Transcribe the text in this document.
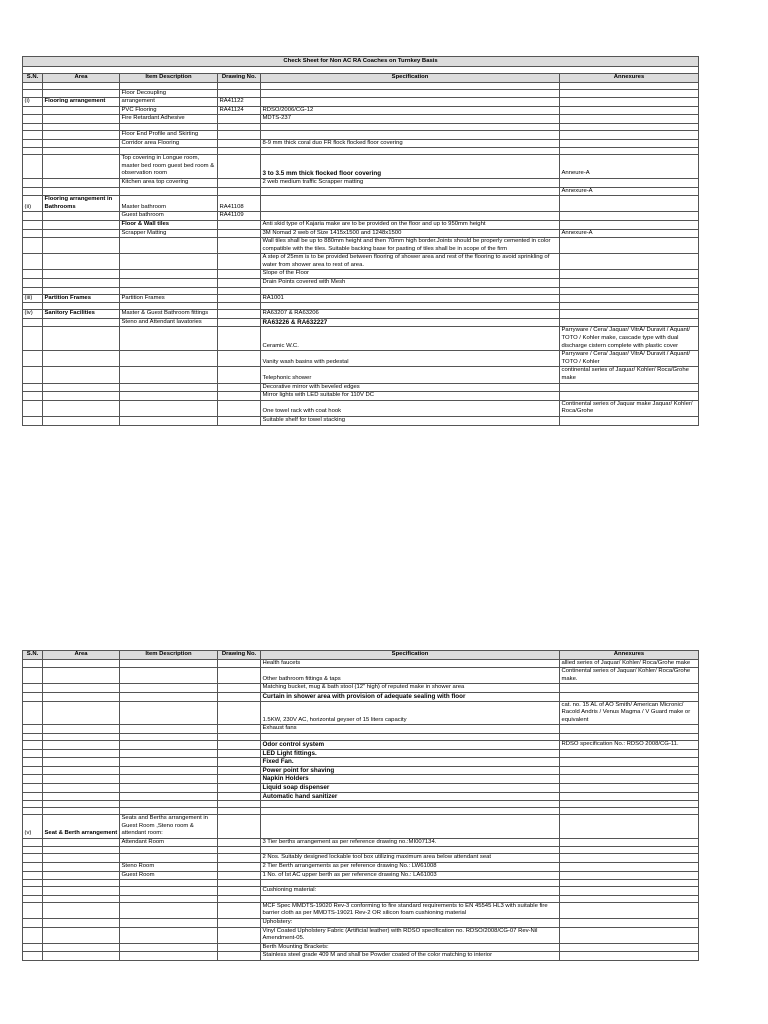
Check Sheet for Non AC RA Coaches on Turnkey Basis					

S.N.	Area	Item Description	Drawing No.	Specification	Annexures

		Floor Decoupling			
(i)	Flooring arrangement	arrangement	RA41122		
		PVC Flooring	RA41124	RDSO/2006/CG-12	
		Fire Retardant Adhesive		MDTS-237	

		Floor End Profile and Skirting			
		Corridor area Flooring		8-9 mm thick coral duo FR flock flocked floor covering	

		Top covering in Longue room, master bed room guest bed room & observation room		3 to 3.5 mm thick flocked floor covering	Anneure-A
		Kitchen area top covering		2 web medium traffic Scrapper matting	
					Annexure-A
(ii)	Flooring arrangement in Bathrooms	Master bathroom	RA41108		
		Guest bathroom	RA41109		
		Floor & Wall tiles		Anti skid type of Kajaria make are to be provided on the floor and up to 950mm height	
		Scrapper Matting		3M Nomad 2 web of Size 1415x1500 and 1248x1500	Annexure-A
				Wall tiles shall be up to 880mm height and then 70mm high border.Joints should be properly cemented in color compatible with the tiles. Suitable backing base for pasting of tiles shall be in scope of the firm	
				A step of 25mm is to be provided between flooring of shower area and rest of the flooring to avoid sprinkling of water from shower area to rest of area.	
				Slope of the Floor	
				Drain Points covered with Mesh	

(iii)	Partition Frames	Partition Frames		RA1001	

(iv)	Sanitory Facilities	Master & Guest Bathroom fittings		RA63207 & RA63206	
		Steno and Attendant lavatories		RA63226 & RA632227	
				Ceramic W.C.	Parryware / Cera/ Jaquar/ VitrA/ Duravit / Aquant/ TOTO / Kohler make, cascade type with dual discharge cistern complete with plastic cover
				Vanity wash basins with pedestal	Parryware / Cera/ Jaquar/ VitrA/ Duravit / Aquant/ TOTO / Kohler
				Telephonic shower	continental series of Jaquar/ Kohler/ Roca/Grohe make
				Decorative mirror with beveled edges	
				Mirror lights with LED suitable for 110V DC	
				One towel rack with coat hook	Continental series of Jaquar make Jaquar/ Kohler/ Roca/Grohe
				Suitable shelf for towel stacking	
S.N.	Area	Item Description	Drawing No.	Specification	Annexures
				Health faucets	allied series of Jaquar/ Kohler/ Roca/Grohe make
				Other bathroom fittings & taps	Continental series of Jaquar/ Kohler/ Roca/Grohe make.
				Matching bucket, mug & bath stool (12" high) of reputed make in shower area	
				Curtain in shower area with provision of adequate sealing with floor	
				1.5KW, 230V AC, horizontal geyser of 15 liters capacity	cat. no. 15 AL of AO Smith/ American Micronic/ Racold Andris / Venus Magma / V Guard make or equivalent
				Exhaust fans	

				Odor control system	RDSO specification No.: RDSO 2008/CG-11.
				LED Light fittings.	
				Fixed Fan.	
				Power point for shaving	
				Napkin Holders	
				Liquid soap dispenser	
				Automatic hand sanitizer	

(v)	Seat & Berth arrangement	Seats and Berths arrangement in Guest Room ,Steno room & attendant room:			
		Attendant Room		3 Tier berths arrangement as per reference drawing no.:MI007134.	

				2 Nos. Suitably designed lockable tool box utilizing maximum area below attendant seat	
		Steno Room		2 Tier Berth arrangements as per reference drawing No.: LW61008	
		Guest Room		1 No. of Ist AC upper berth as per reference drawing No.: LA61003	

				Cushioning material:	

				MCF Spec MMDTS-19020 Rev-3 conforming to fire standard requirements to EN 45545 HL3 with suitable fire barrier cloth as per MMDTS-19021 Rev-2 OR silicon foam cushioning material	
				Upholstery:	
				Vinyl Coated Upholstery Fabric (Artificial leather) with RDSO specification no. RDSO/2008/CG-07 Rev-Nil Amendment-05.	
				Berth Mounting Brackets:	
				Stainless steel grade 409 M and shall be Powder coated of the color matching to interior	
